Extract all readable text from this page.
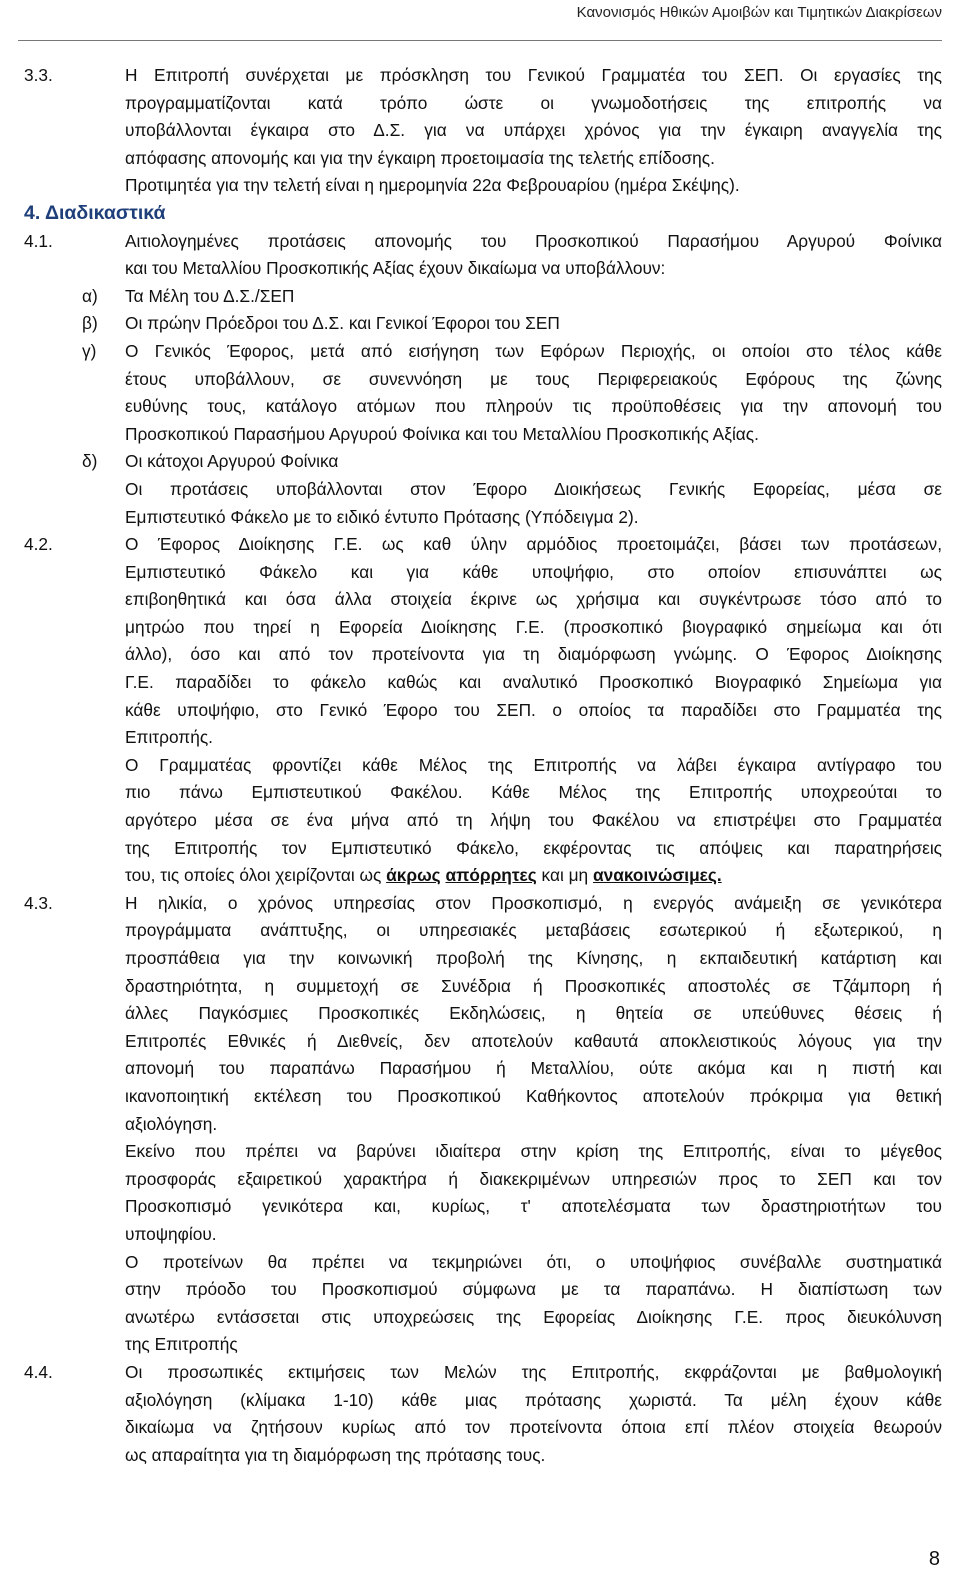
Κανονισμός Ηθικών Αμοιβών και Τιμητικών Διακρίσεων
3.3.	Η Επιτροπή συνέρχεται με πρόσκληση του Γενικού Γραμματέα του ΣΕΠ. Οι εργασίες της
προγραμματίζονται κατά τρόπο ώστε οι γνωμοδοτήσεις της επιτροπής να
υποβάλλονται έγκαιρα στο Δ.Σ. για να υπάρχει χρόνος για την έγκαιρη αναγγελία της
απόφασης απονομής και για την έγκαιρη προετοιμασία της τελετής επίδοσης.
Προτιμητέα για την τελετή είναι η ημερομηνία 22α Φεβρουαρίου (ημέρα Σκέψης).
4. Διαδικαστικά
4.1.	Αιτιολογημένες προτάσεις απονομής του Προσκοπικού Παρασήμου Αργυρού Φοίνικα
και του Μεταλλίου Προσκοπικής Αξίας έχουν δικαίωμα να υποβάλλουν:
α) Τα Μέλη του Δ.Σ./ΣΕΠ
β) Οι πρώην Πρόεδροι του Δ.Σ. και Γενικοί Έφοροι του ΣΕΠ
γ) Ο Γενικός Έφορος, μετά από εισήγηση των Εφόρων Περιοχής, οι οποίοι στο τέλος κάθε
έτους υποβάλλουν, σε συνεννόηση με τους Περιφερειακούς Εφόρους της ζώνης
ευθύνης τους, κατάλογο ατόμων που πληρούν τις προϋποθέσεις για την απονομή του
Προσκοπικού Παρασήμου Αργυρού Φοίνικα και του Μεταλλίου Προσκοπικής Αξίας.
δ) Οι κάτοχοι Αργυρού Φοίνικα
Οι προτάσεις υποβάλλονται στον Έφορο Διοικήσεως Γενικής Εφορείας, μέσα σε
Εμπιστευτικό Φάκελο με το ειδικό έντυπο Πρότασης (Υπόδειγμα 2).
4.2.	Ο Έφορος Διοίκησης Γ.Ε. ως καθ ύλην αρμόδιος προετοιμάζει, βάσει των προτάσεων,
Εμπιστευτικό Φάκελο και για κάθε υποψήφιο, στο οποίον επισυνάπτει ως
επιβοηθητικά και όσα άλλα στοιχεία έκρινε ως χρήσιμα και συγκέντρωσε τόσο από το
μητρώο που τηρεί η Εφορεία Διοίκησης Γ.Ε. (προσκοπικό βιογραφικό σημείωμα και ότι
άλλο), όσο και από τον προτείνοντα για τη διαμόρφωση γνώμης. Ο Έφορος Διοίκησης
Γ.Ε. παραδίδει το φάκελο καθώς και αναλυτικό Προσκοπικό Βιογραφικό Σημείωμα για
κάθε υποψήφιο, στο Γενικό Έφορο του ΣΕΠ. ο οποίος τα παραδίδει στο Γραμματέα της
Επιτροπής.
Ο Γραμματέας φροντίζει κάθε Μέλος της Επιτροπής να λάβει έγκαιρα αντίγραφο του
πιο πάνω Εμπιστευτικού Φακέλου. Κάθε Μέλος της Επιτροπής υποχρεούται το
αργότερο μέσα σε ένα μήνα από τη λήψη του Φακέλου να επιστρέψει στο Γραμματέα
της Επιτροπής τον Εμπιστευτικό Φάκελο, εκφέροντας τις απόψεις και παρατηρήσεις
του, τις οποίες όλοι χειρίζονται ως άκρως απόρρητες και μη ανακοινώσιμες.
4.3.	Η ηλικία, ο χρόνος υπηρεσίας στον Προσκοπισμό, η ενεργός ανάμειξη σε γενικότερα
προγράμματα ανάπτυξης, οι υπηρεσιακές μεταβάσεις εσωτερικού ή εξωτερικού, η
προσπάθεια για την κοινωνική προβολή της Κίνησης, η εκπαιδευτική κατάρτιση και
δραστηριότητα, η συμμετοχή σε Συνέδρια ή Προσκοπικές αποστολές σε Τζάμπορη ή
άλλες Παγκόσμιες Προσκοπικές Εκδηλώσεις, η θητεία σε υπεύθυνες θέσεις ή
Επιτροπές Εθνικές ή Διεθνείς, δεν αποτελούν καθαυτά αποκλειστικούς λόγους για την
απονομή του παραπάνω Παρασήμου ή Μεταλλίου, ούτε ακόμα και η πιστή και
ικανοποιητική εκτέλεση του Προσκοπικού Καθήκοντος αποτελούν πρόκριμα για θετική
αξιολόγηση.
Εκείνο που πρέπει να βαρύνει ιδιαίτερα στην κρίση της Επιτροπής, είναι το μέγεθος
προσφοράς εξαιρετικού χαρακτήρα ή διακεκριμένων υπηρεσιών προς το ΣΕΠ και τον
Προσκοπισμό γενικότερα και, κυρίως, τ' αποτελέσματα των δραστηριοτήτων του
υποψηφίου.
Ο προτείνων θα πρέπει να τεκμηριώνει ότι, ο υποψήφιος συνέβαλλε συστηματικά
στην πρόοδο του Προσκοπισμού σύμφωνα με τα παραπάνω. Η διαπίστωση των
ανωτέρω εντάσσεται στις υποχρεώσεις της Εφορείας Διοίκησης Γ.Ε. προς διευκόλυνση
της Επιτροπής
4.4.	Οι προσωπικές εκτιμήσεις των Μελών της Επιτροπής, εκφράζονται με βαθμολογική
αξιολόγηση (κλίμακα 1-10) κάθε μιας πρότασης χωριστά. Τα μέλη έχουν κάθε
δικαίωμα να ζητήσουν κυρίως από τον προτείνοντα όποια επί πλέον στοιχεία θεωρούν
ως απαραίτητα για τη διαμόρφωση της πρότασης τους.
8
